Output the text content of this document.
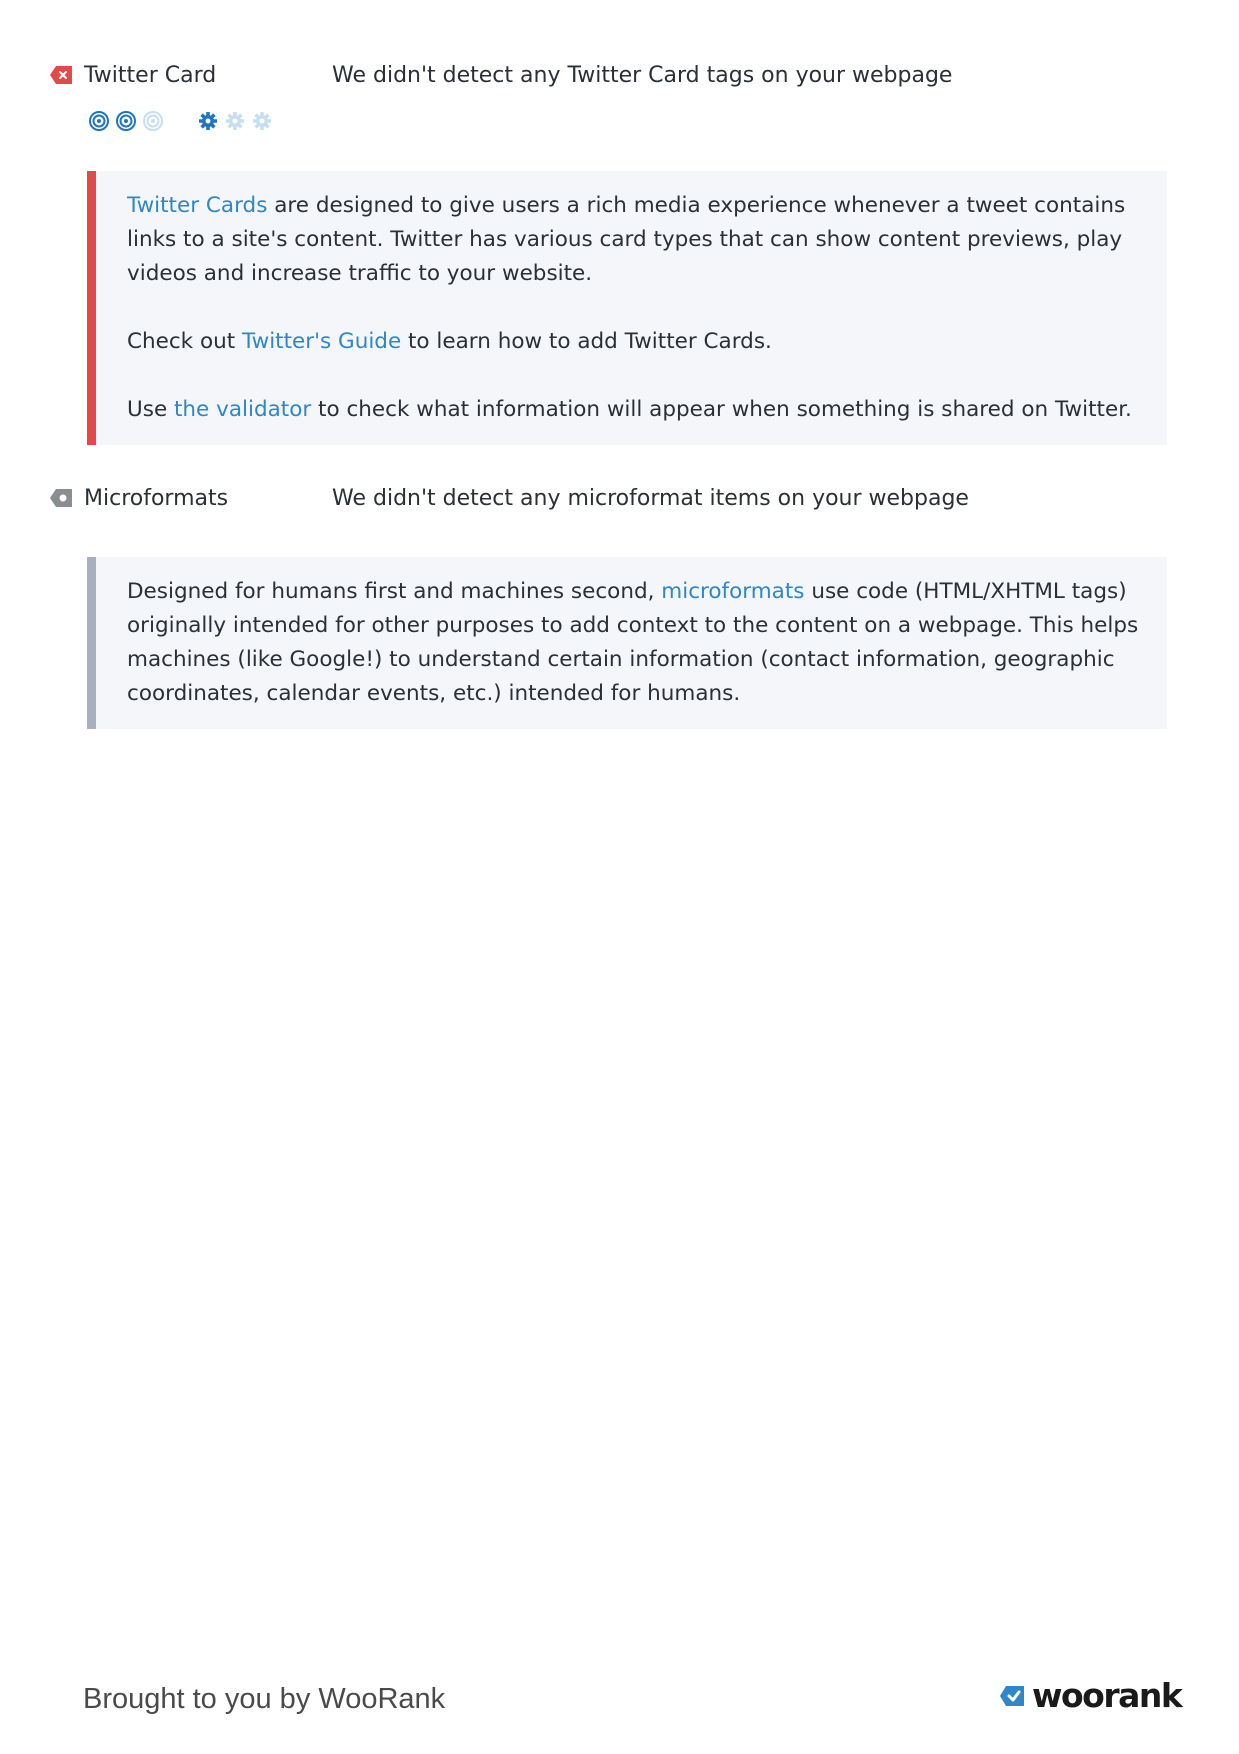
Twitter Card	We didn't detect any Twitter Card tags on your webpage

Twitter Cards are designed to give users a rich media experience whenever a tweet contains links to a site's content. Twitter has various card types that can show content previews, play videos and increase traffic to your website.

Check out Twitter's Guide to learn how to add Twitter Cards.

Use the validator to check what information will appear when something is shared on Twitter.

Microformats	We didn't detect any microformat items on your webpage

Designed for humans first and machines second, microformats use code (HTML/XHTML tags) originally intended for other purposes to add context to the content on a webpage. This helps machines (like Google!) to understand certain information (contact information, geographic coordinates, calendar events, etc.) intended for humans.

Brought to you by WooRank	woorank
